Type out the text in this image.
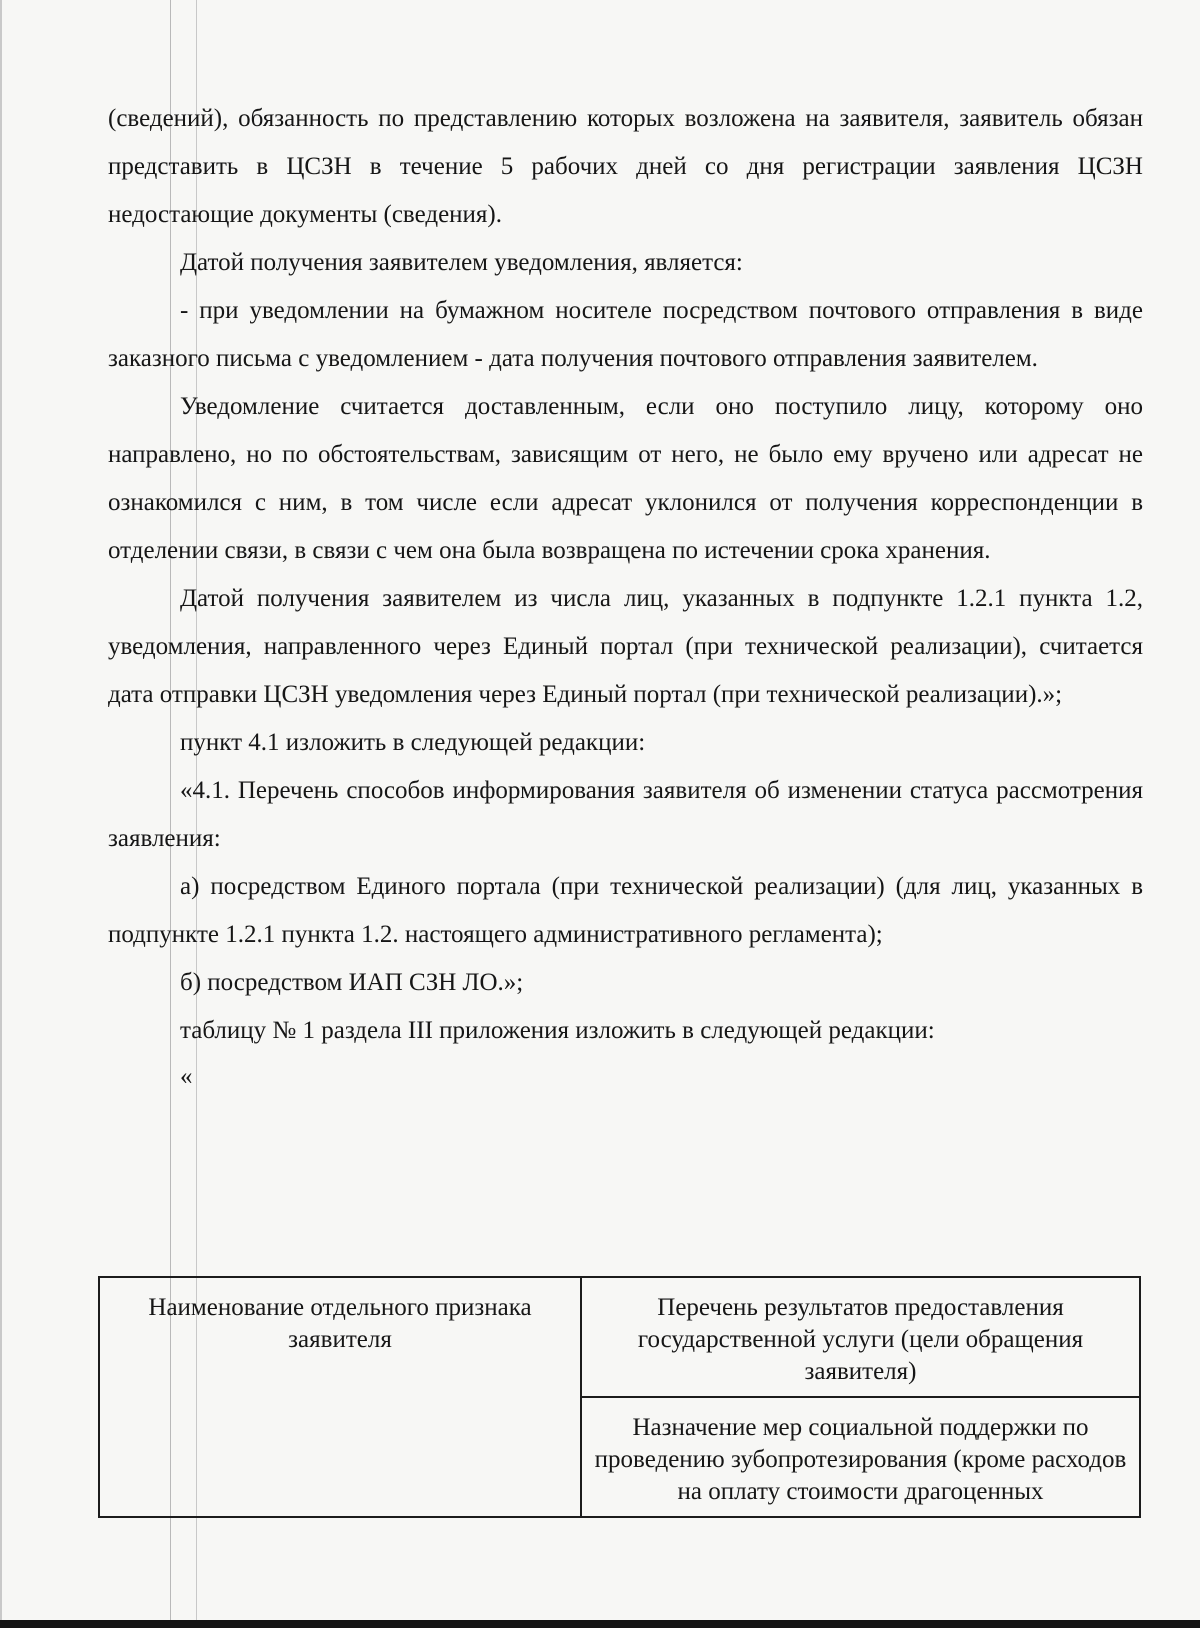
(сведений), обязанность по представлению которых возложена на заявителя, заявитель обязан представить в ЦСЗН в течение 5 рабочих дней со дня регистрации заявления ЦСЗН недостающие документы (сведения).

Датой получения заявителем уведомления, является:

- при уведомлении на бумажном носителе посредством почтового отправления в виде заказного письма с уведомлением - дата получения почтового отправления заявителем.

Уведомление считается доставленным, если оно поступило лицу, которому оно направлено, но по обстоятельствам, зависящим от него, не было ему вручено или адресат не ознакомился с ним, в том числе если адресат уклонился от получения корреспонденции в отделении связи, в связи с чем она была возвращена по истечении срока хранения.

Датой получения заявителем из числа лиц, указанных в подпункте 1.2.1 пункта 1.2, уведомления, направленного через Единый портал (при технической реализации), считается дата отправки ЦСЗН уведомления через Единый портал (при технической реализации).»;

пункт 4.1 изложить в следующей редакции:

«4.1. Перечень способов информирования заявителя об изменении статуса рассмотрения заявления:

а) посредством Единого портала (при технической реализации) (для лиц, указанных в подпункте 1.2.1 пункта 1.2. настоящего административного регламента);

б) посредством ИАП СЗН ЛО.»;

таблицу № 1 раздела III приложения изложить в следующей редакции:

«

Наименование отдельного признака заявителя	Перечень результатов предоставления государственной услуги (цели обращения заявителя)
Назначение мер социальной поддержки по проведению зубопротезирования (кроме расходов на оплату стоимости драгоценных
